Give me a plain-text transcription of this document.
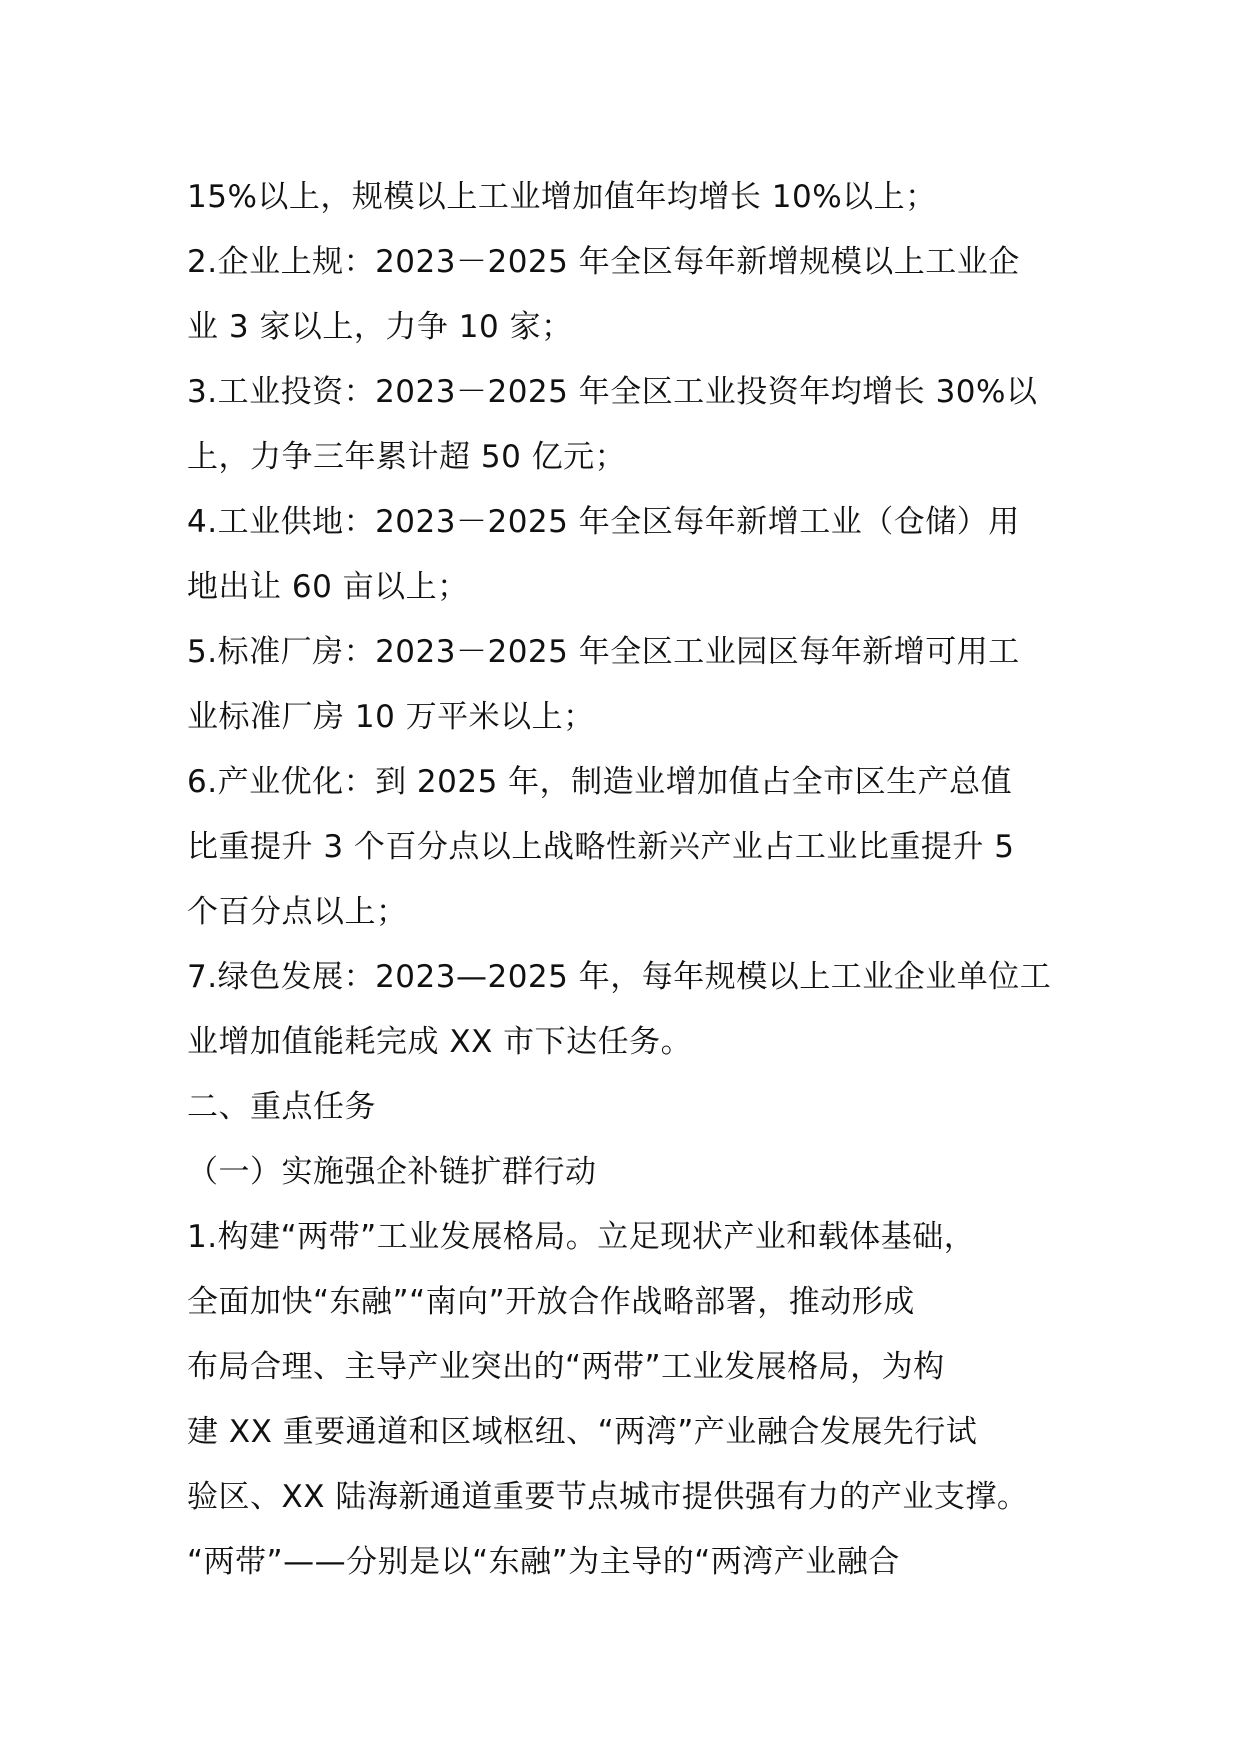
15%以上，规模以上工业增加值年均增长 10%以上；
2.企业上规：2023－2025 年全区每年新增规模以上工业企
业 3 家以上，力争 10 家；
3.工业投资：2023－2025 年全区工业投资年均增长 30%以
上，力争三年累计超 50 亿元；
4.工业供地：2023－2025 年全区每年新增工业（仓储）用
地出让 60 亩以上；
5.标准厂房：2023－2025 年全区工业园区每年新增可用工
业标准厂房 10 万平米以上；
6.产业优化：到 2025 年，制造业增加值占全市区生产总值
比重提升 3 个百分点以上战略性新兴产业占工业比重提升 5
个百分点以上；
7.绿色发展：2023—2025 年，每年规模以上工业企业单位工
业增加值能耗完成 XX 市下达任务。
二、重点任务
（一）实施强企补链扩群行动
1.构建“两带”工业发展格局。立足现状产业和载体基础，
全面加快“东融”“南向”开放合作战略部署，推动形成
布局合理、主导产业突出的“两带”工业发展格局，为构
建 XX 重要通道和区域枢纽、“两湾”产业融合发展先行试
验区、XX 陆海新通道重要节点城市提供强有力的产业支撑。
“两带”——分别是以“东融”为主导的“两湾产业融合
